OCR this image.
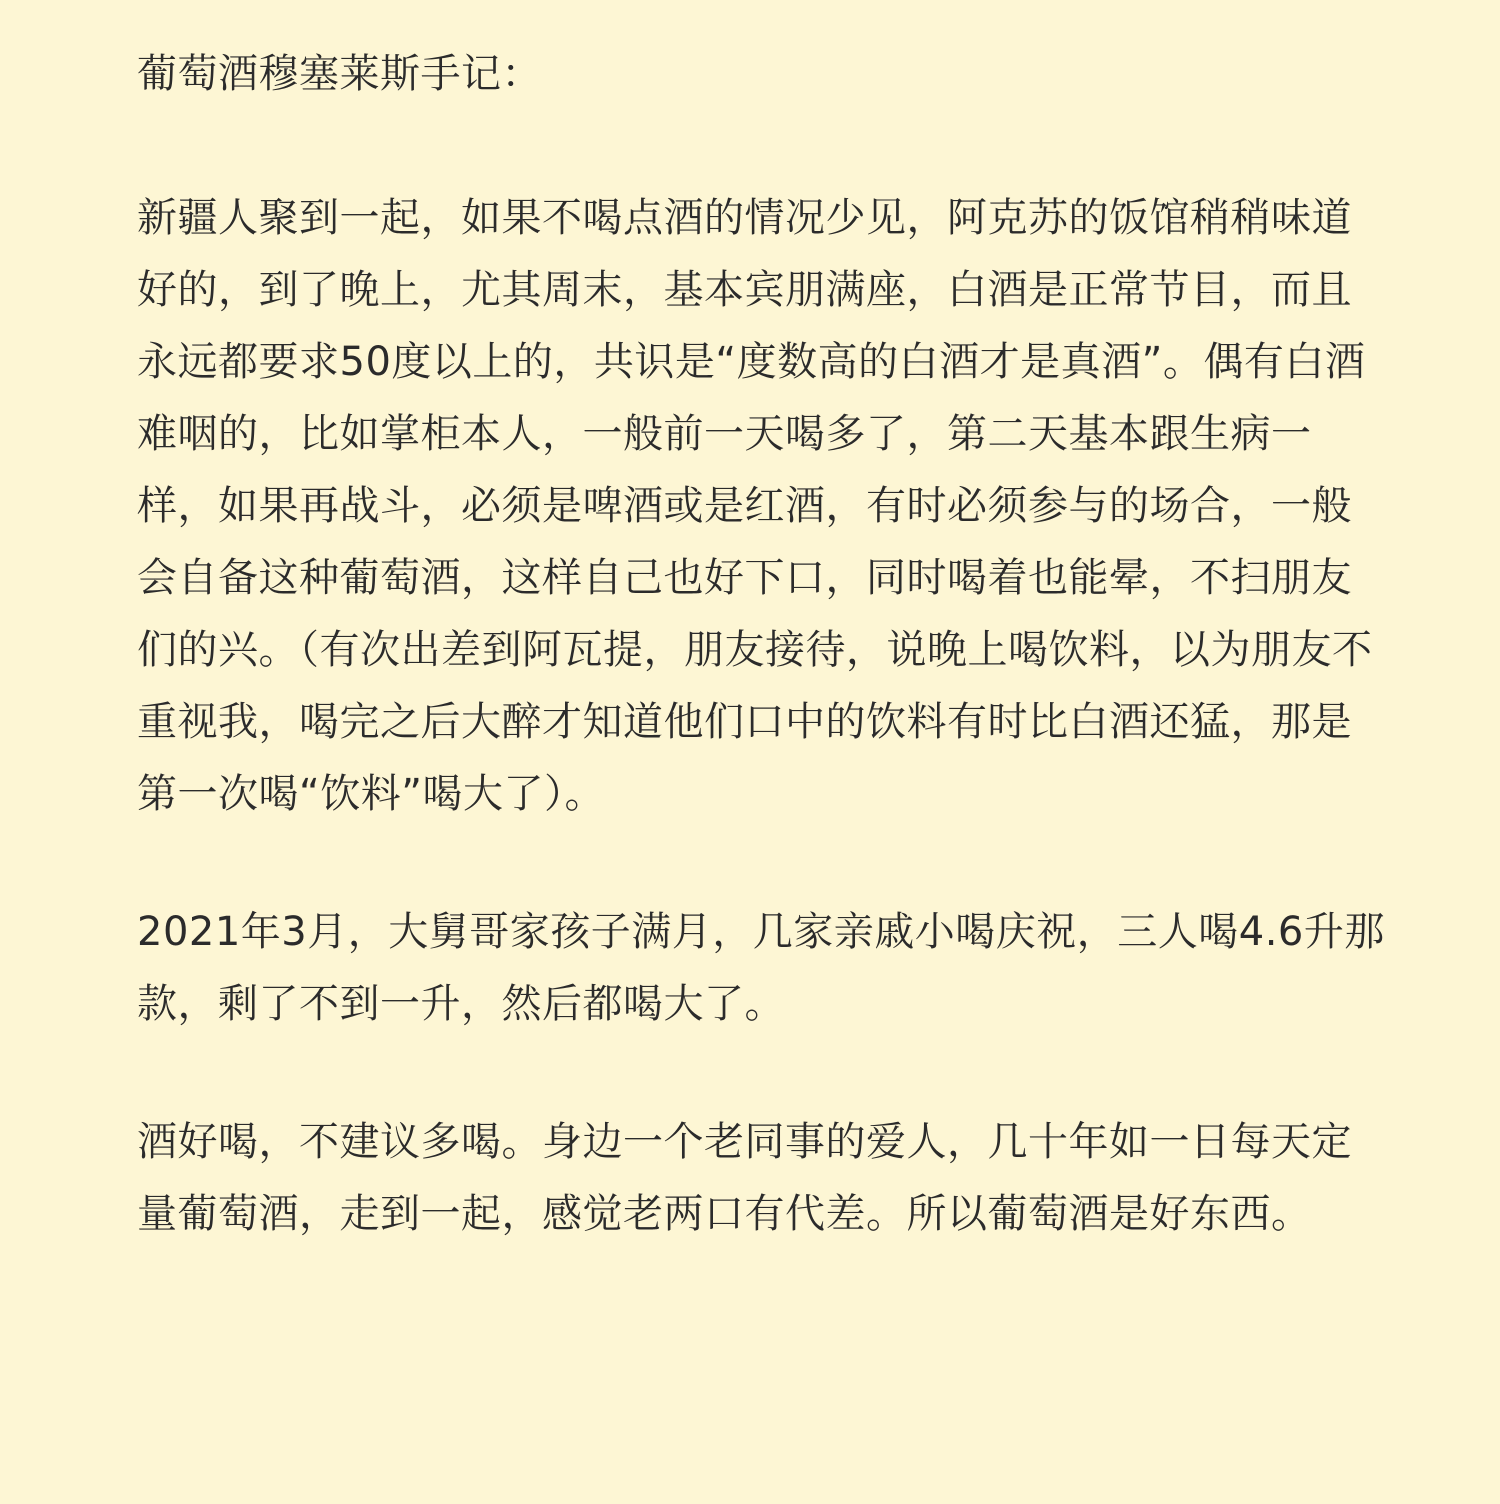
葡萄酒穆塞莱斯手记：

新疆人聚到一起，如果不喝点酒的情况少见，阿克苏的饭馆稍稍味道好的，到了晚上，尤其周末，基本宾朋满座，白酒是正常节目，而且永远都要求50度以上的，共识是“度数高的白酒才是真酒”。偶有白酒难咽的，比如掌柜本人，一般前一天喝多了，第二天基本跟生病一样，如果再战斗，必须是啤酒或是红酒，有时必须参与的场合，一般会自备这种葡萄酒，这样自己也好下口，同时喝着也能晕，不扫朋友们的兴。（有次出差到阿瓦提，朋友接待，说晚上喝饮料，以为朋友不重视我，喝完之后大醉才知道他们口中的饮料有时比白酒还猛，那是第一次喝“饮料”喝大了）。

2021年3月，大舅哥家孩子满月，几家亲戚小喝庆祝，三人喝4.6升那款，剩了不到一升，然后都喝大了。

酒好喝，不建议多喝。身边一个老同事的爱人，几十年如一日每天定量葡萄酒，走到一起，感觉老两口有代差。所以葡萄酒是好东西。
